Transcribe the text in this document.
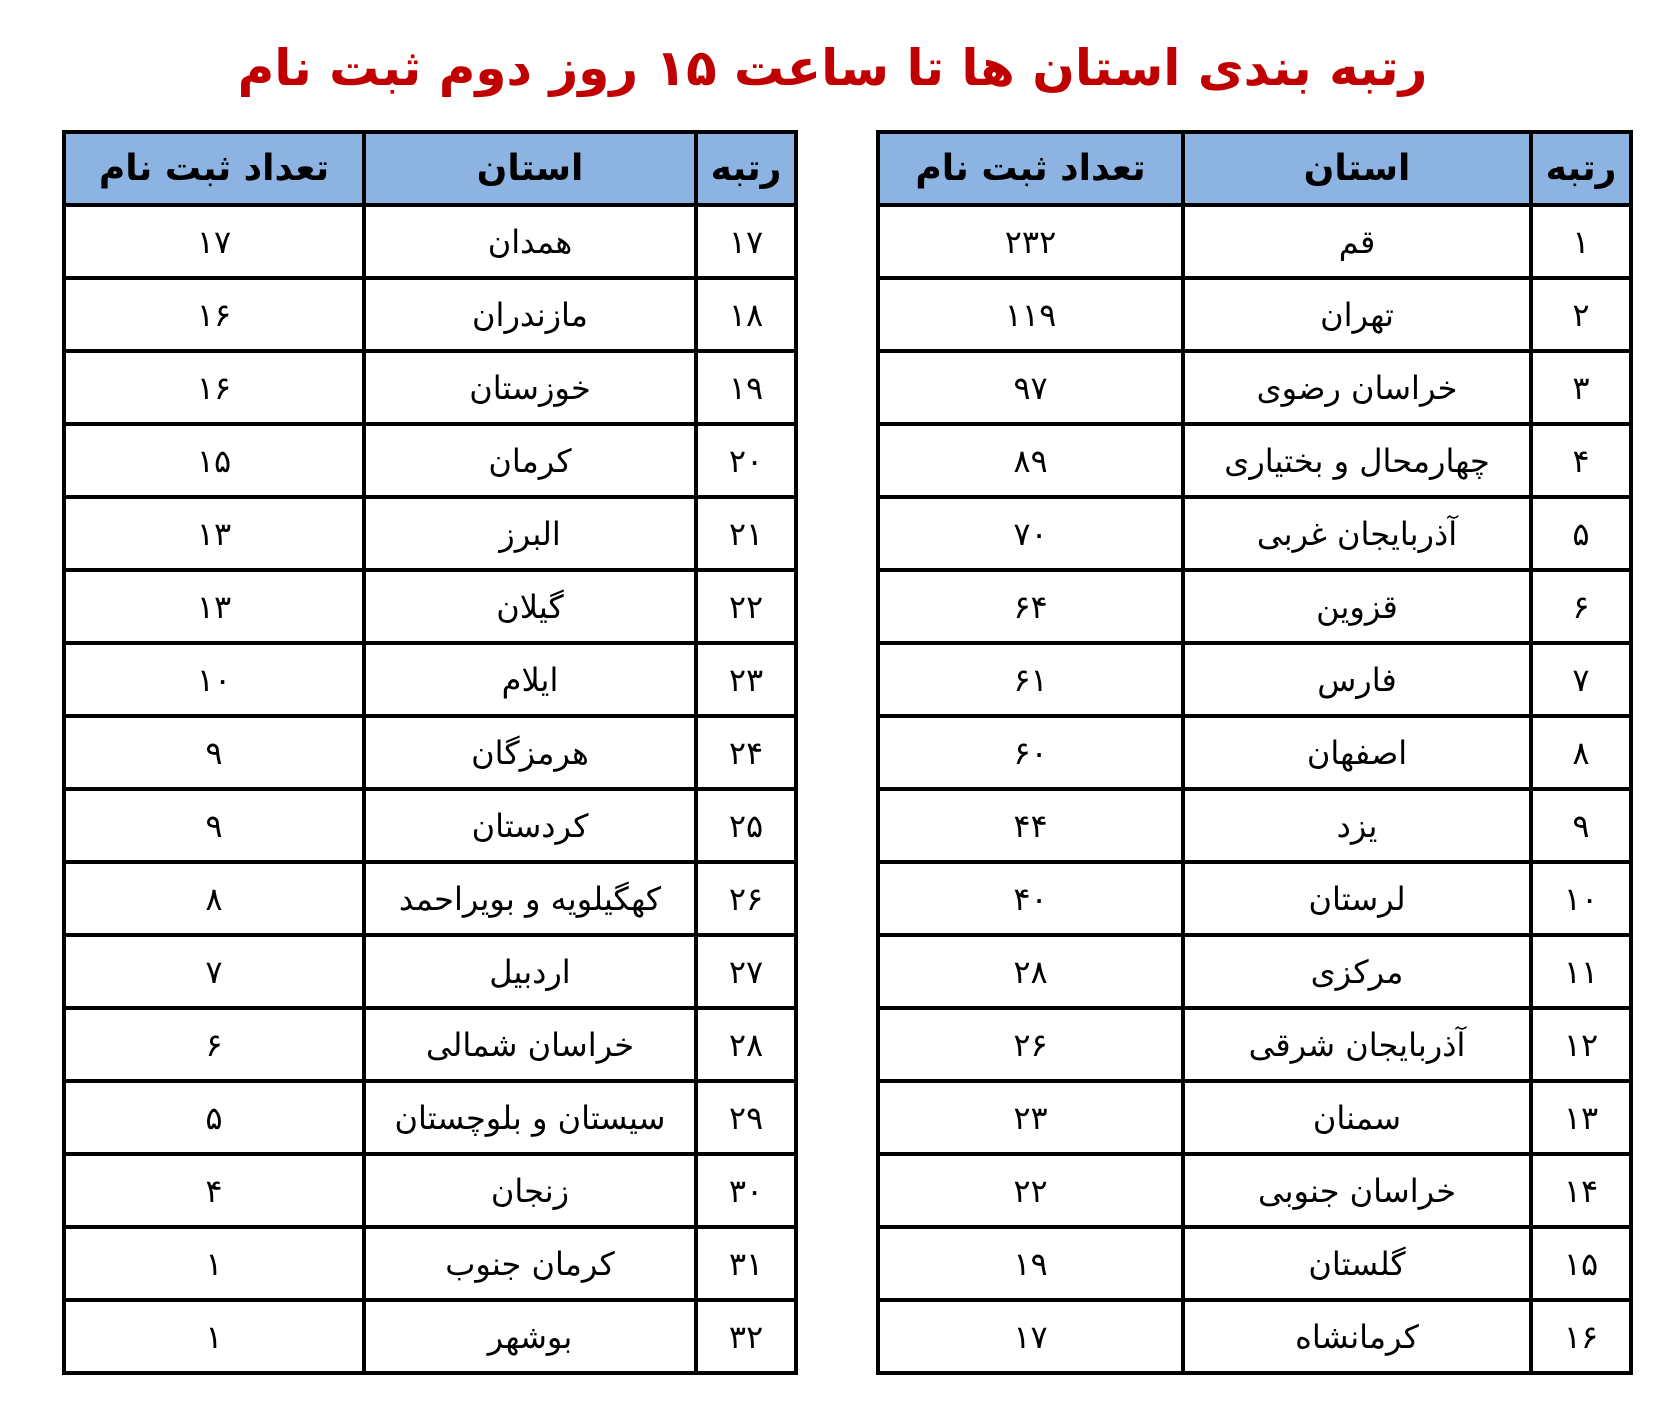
رتبه بندی استان ها تا ساعت ۱۵ روز دوم ثبت نام
رتبه	استان	تعداد ثبت نام
۱	قم	۲۳۲
۲	تهران	۱۱۹
۳	خراسان رضوی	۹۷
۴	چهارمحال و بختیاری	۸۹
۵	آذربایجان غربی	۷۰
۶	قزوین	۶۴
۷	فارس	۶۱
۸	اصفهان	۶۰
۹	یزد	۴۴
۱۰	لرستان	۴۰
۱۱	مرکزی	۲۸
۱۲	آذربایجان شرقی	۲۶
۱۳	سمنان	۲۳
۱۴	خراسان جنوبی	۲۲
۱۵	گلستان	۱۹
۱۶	کرمانشاه	۱۷
رتبه	استان	تعداد ثبت نام
۱۷	همدان	۱۷
۱۸	مازندران	۱۶
۱۹	خوزستان	۱۶
۲۰	کرمان	۱۵
۲۱	البرز	۱۳
۲۲	گیلان	۱۳
۲۳	ایلام	۱۰
۲۴	هرمزگان	۹
۲۵	کردستان	۹
۲۶	کهگیلویه و بویراحمد	۸
۲۷	اردبیل	۷
۲۸	خراسان شمالی	۶
۲۹	سیستان و بلوچستان	۵
۳۰	زنجان	۴
۳۱	کرمان جنوب	۱
۳۲	بوشهر	۱
